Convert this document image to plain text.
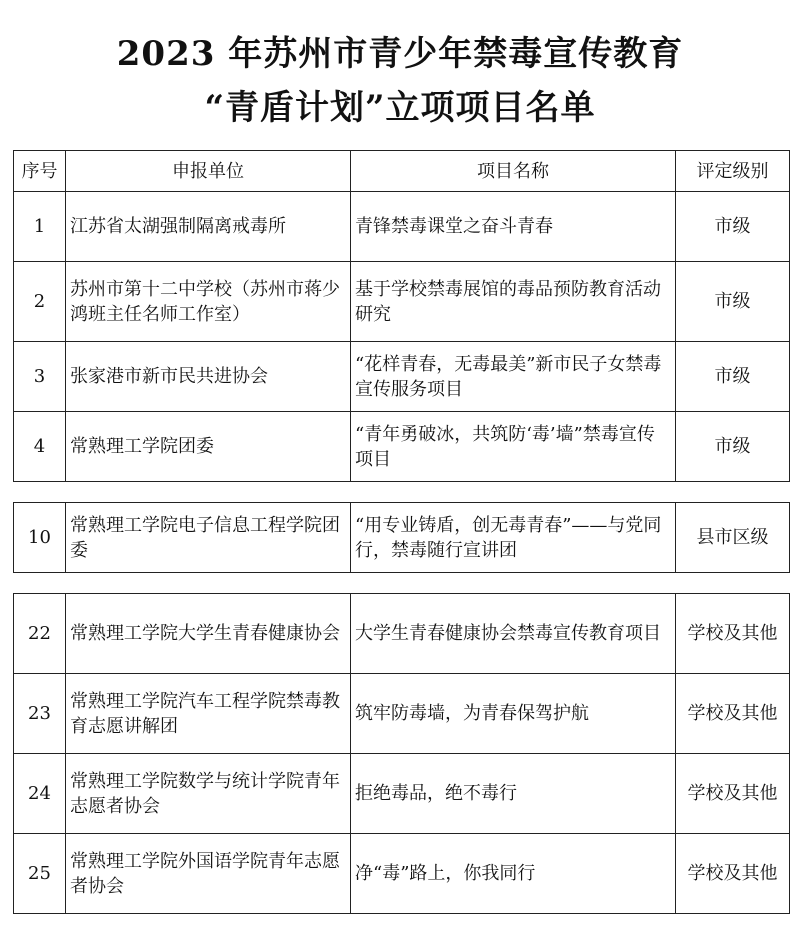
2023 年苏州市青少年禁毒宣传教育
“青盾计划”立项项目名单
序号	申报单位	项目名称	评定级别
1	江苏省太湖强制隔离戒毒所	青锋禁毒课堂之奋斗青春	市级
2	苏州市第十二中学校（苏州市蒋少鸿班主任名师工作室）	基于学校禁毒展馆的毒品预防教育活动研究	市级
3	张家港市新市民共进协会	“花样青春，无毒最美”新市民子女禁毒宣传服务项目	市级
4	常熟理工学院团委	“青年勇破冰，共筑防‘毒’墙”禁毒宣传项目	市级

10	常熟理工学院电子信息工程学院团委	“用专业铸盾，创无毒青春”——与党同行，禁毒随行宣讲团	县市区级

22	常熟理工学院大学生青春健康协会	大学生青春健康协会禁毒宣传教育项目	学校及其他
23	常熟理工学院汽车工程学院禁毒教育志愿讲解团	筑牢防毒墙，为青春保驾护航	学校及其他
24	常熟理工学院数学与统计学院青年志愿者协会	拒绝毒品，绝不毒行	学校及其他
25	常熟理工学院外国语学院青年志愿者协会	净“毒”路上，你我同行	学校及其他
